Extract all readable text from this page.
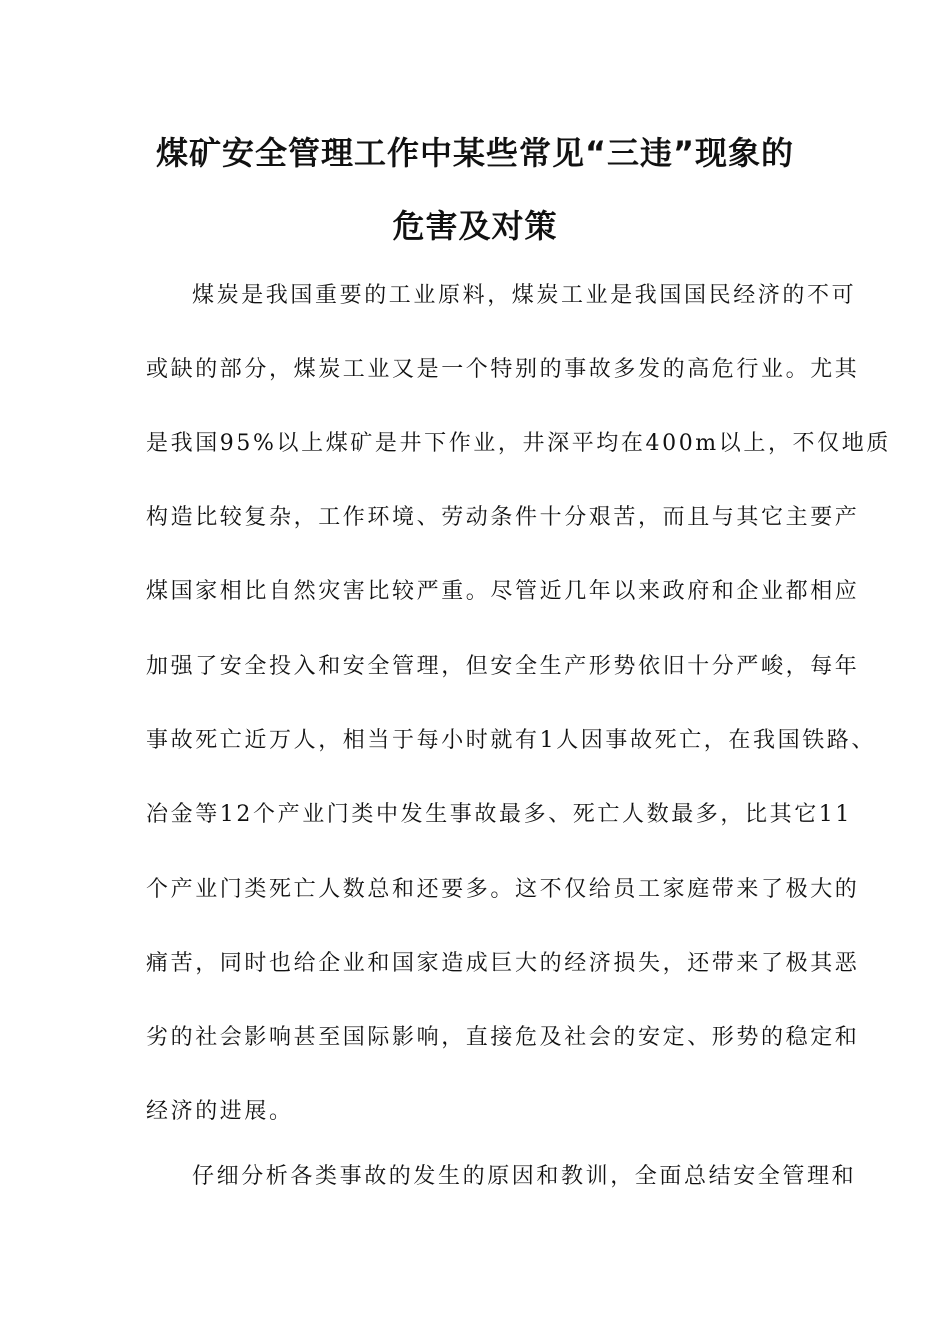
煤矿安全管理工作中某些常见“三违”现象的
危害及对策
煤炭是我国重要的工业原料，煤炭工业是我国国民经济的不可
或缺的部分，煤炭工业又是一个特别的事故多发的高危行业。尤其
是我国95%以上煤矿是井下作业，井深平均在400m以上，不仅地质
构造比较复杂，工作环境、劳动条件十分艰苦，而且与其它主要产
煤国家相比自然灾害比较严重。尽管近几年以来政府和企业都相应
加强了安全投入和安全管理，但安全生产形势依旧十分严峻，每年
事故死亡近万人，相当于每小时就有1人因事故死亡，在我国铁路、
冶金等12个产业门类中发生事故最多、死亡人数最多，比其它11
个产业门类死亡人数总和还要多。这不仅给员工家庭带来了极大的
痛苦，同时也给企业和国家造成巨大的经济损失，还带来了极其恶
劣的社会影响甚至国际影响，直接危及社会的安定、形势的稳定和
经济的进展。
仔细分析各类事故的发生的原因和教训，全面总结安全管理和
